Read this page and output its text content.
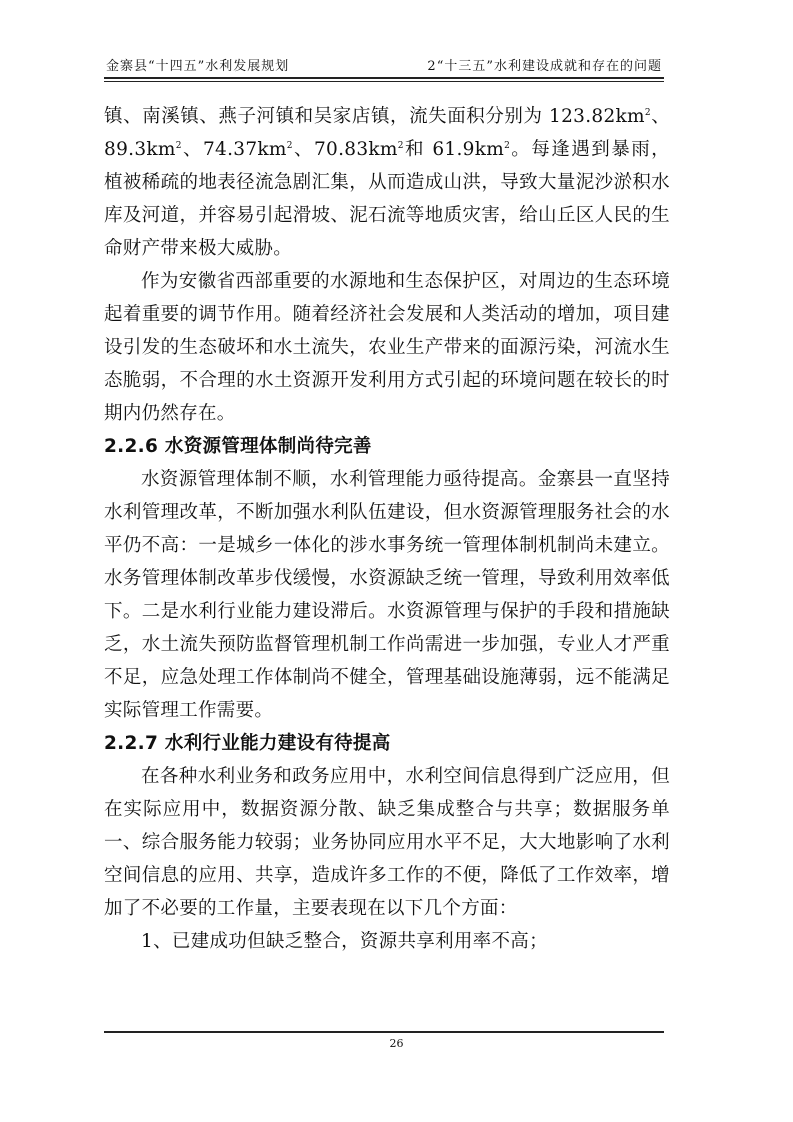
金寨县“十四五”水利发展规划	2“十三五”水利建设成就和存在的问题

镇、南溪镇、燕子河镇和吴家店镇，流失面积分别为 $123.82km^2$、$89.3km^2$、$74.37km^2$、$70.83km^2$和 $61.9km^2$。每逢遇到暴雨，植被稀疏的地表径流急剧汇集，从而造成山洪，导致大量泥沙淤积水库及河道，并容易引起滑坡、泥石流等地质灾害，给山丘区人民的生命财产带来极大威胁。

作为安徽省西部重要的水源地和生态保护区，对周边的生态环境起着重要的调节作用。随着经济社会发展和人类活动的增加，项目建设引发的生态破坏和水土流失，农业生产带来的面源污染，河流水生态脆弱，不合理的水土资源开发利用方式引起的环境问题在较长的时期内仍然存在。

2.2.6 水资源管理体制尚待完善

水资源管理体制不顺，水利管理能力亟待提高。金寨县一直坚持水利管理改革，不断加强水利队伍建设，但水资源管理服务社会的水平仍不高：一是城乡一体化的涉水事务统一管理体制机制尚未建立。水务管理体制改革步伐缓慢，水资源缺乏统一管理，导致利用效率低下。二是水利行业能力建设滞后。水资源管理与保护的手段和措施缺乏，水土流失预防监督管理机制工作尚需进一步加强，专业人才严重不足，应急处理工作体制尚不健全，管理基础设施薄弱，远不能满足实际管理工作需要。

2.2.7 水利行业能力建设有待提高

在各种水利业务和政务应用中，水利空间信息得到广泛应用，但在实际应用中，数据资源分散、缺乏集成整合与共享；数据服务单一、综合服务能力较弱；业务协同应用水平不足，大大地影响了水利空间信息的应用、共享，造成许多工作的不便，降低了工作效率，增加了不必要的工作量，主要表现在以下几个方面：

1、已建成功但缺乏整合，资源共享利用率不高；

26
